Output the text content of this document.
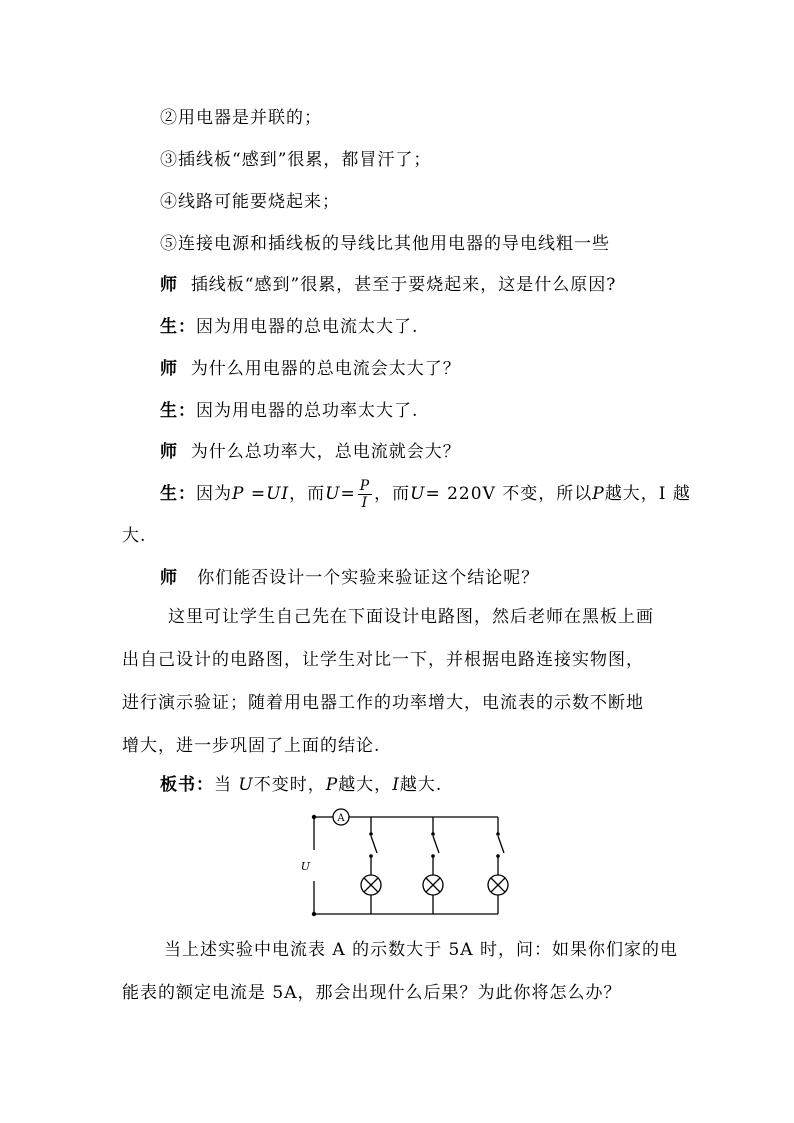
②用电器是并联的；
③插线板“感到”很累，都冒汗了；
④线路可能要烧起来；
⑤连接电源和插线板的导线比其他用电器的导电线粗一些
师 插线板“感到”很累，甚至于要烧起来，这是什么原因?
生：因为用电器的总电流太大了.
师 为什么用电器的总电流会太大了？
生：因为用电器的总功率太大了.
师 为什么总功率大，总电流就会大？
生：因为P =UI，而$U= \frac{P}{I}$ ，而U= 220V 不变，所以P越大，I 越
大.
师 你们能否设计一个实验来验证这个结论呢？
这里可让学生自己先在下面设计电路图，然后老师在黑板上画
出自己设计的电路图，让学生对比一下，并根据电路连接实物图，
进行演示验证；随着用电器工作的功率增大，电流表的示数不断地
增大，进一步巩固了上面的结论.
板书：当 U不变时，P越大，I越大.
A
U
当上述实验中电流表 A 的示数大于 5A 时，问：如果你们家的电
能表的额定电流是 5A，那会出现什么后果？为此你将怎么办？
